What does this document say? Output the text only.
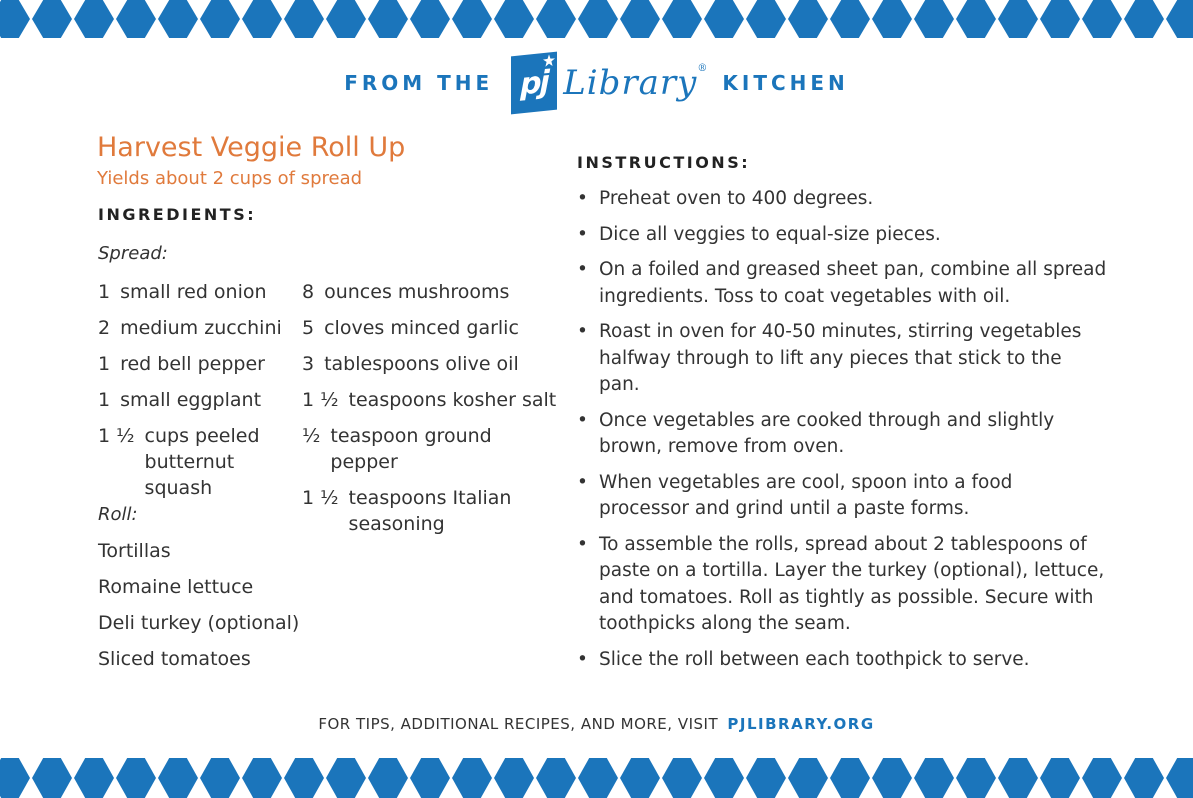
FROM THE pj Library®
KITCHEN
Harvest Veggie Roll Up
Yields about 2 cups of spread
INGREDIENTS:
Spread:
1 small red onion
2 medium zucchini
1 red bell pepper
1 small eggplant
1 ½ cups peeled butternut squash
8 ounces mushrooms
5 cloves minced garlic
3 tablespoons olive oil
1 ½ teaspoons kosher salt
½ teaspoon ground pepper
1 ½ teaspoons Italian seasoning
Roll:
Tortillas
Romaine lettuce
Deli turkey (optional)
Sliced tomatoes
INSTRUCTIONS:
• Preheat oven to 400 degrees.
• Dice all veggies to equal-size pieces.
• On a foiled and greased sheet pan, combine all spread ingredients. Toss to coat vegetables with oil.
• Roast in oven for 40-50 minutes, stirring vegetables halfway through to lift any pieces that stick to the pan.
• Once vegetables are cooked through and slightly brown, remove from oven.
• When vegetables are cool, spoon into a food processor and grind until a paste forms.
• To assemble the rolls, spread about 2 tablespoons of paste on a tortilla. Layer the turkey (optional), lettuce, and tomatoes. Roll as tightly as possible. Secure with toothpicks along the seam.
• Slice the roll between each toothpick to serve.
FOR TIPS, ADDITIONAL RECIPES, AND MORE, VISIT PJLIBRARY.ORG
